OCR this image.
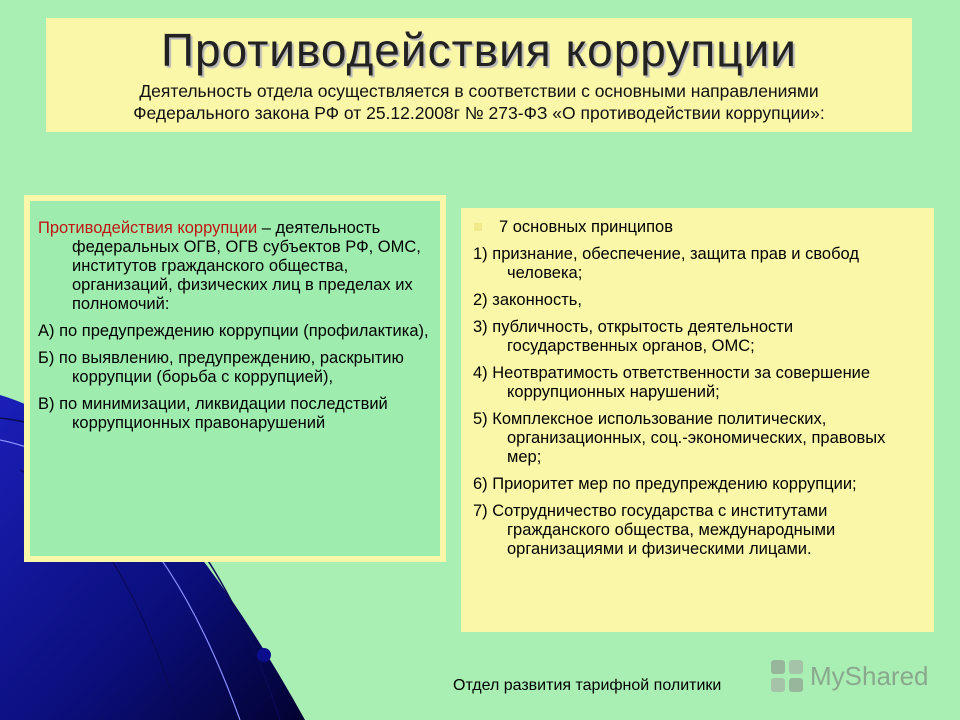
Противодействия коррупции
Деятельность отдела осуществляется в соответствии с основными направлениями
Федерального закона РФ от 25.12.2008г № 273-ФЗ «О противодействии коррупции»:

Противодействия коррупции – деятельность федеральных ОГВ, ОГВ субъектов РФ, ОМС, институтов гражданского общества, организаций, физических лиц в пределах их полномочий:

А) по предупреждению коррупции (профилактика),

Б) по выявлению, предупреждению, раскрытию коррупции (борьба с коррупцией),

В) по минимизации, ликвидации последствий коррупционных правонарушений

■ 7 основных принципов

1) признание, обеспечение, защита прав и свобод человека;

2) законность,

3) публичность, открытость деятельности государственных органов, ОМС;

4) Неотвратимость ответственности за совершение коррупционных нарушений;

5) Комплексное использование политических, организационных, соц.-экономических, правовых мер;

6) Приоритет мер по предупреждению коррупции;

7) Сотрудничество государства с институтами гражданского общества, международными организациями и физическими лицами.

Отдел развития тарифной политики	MyShared
